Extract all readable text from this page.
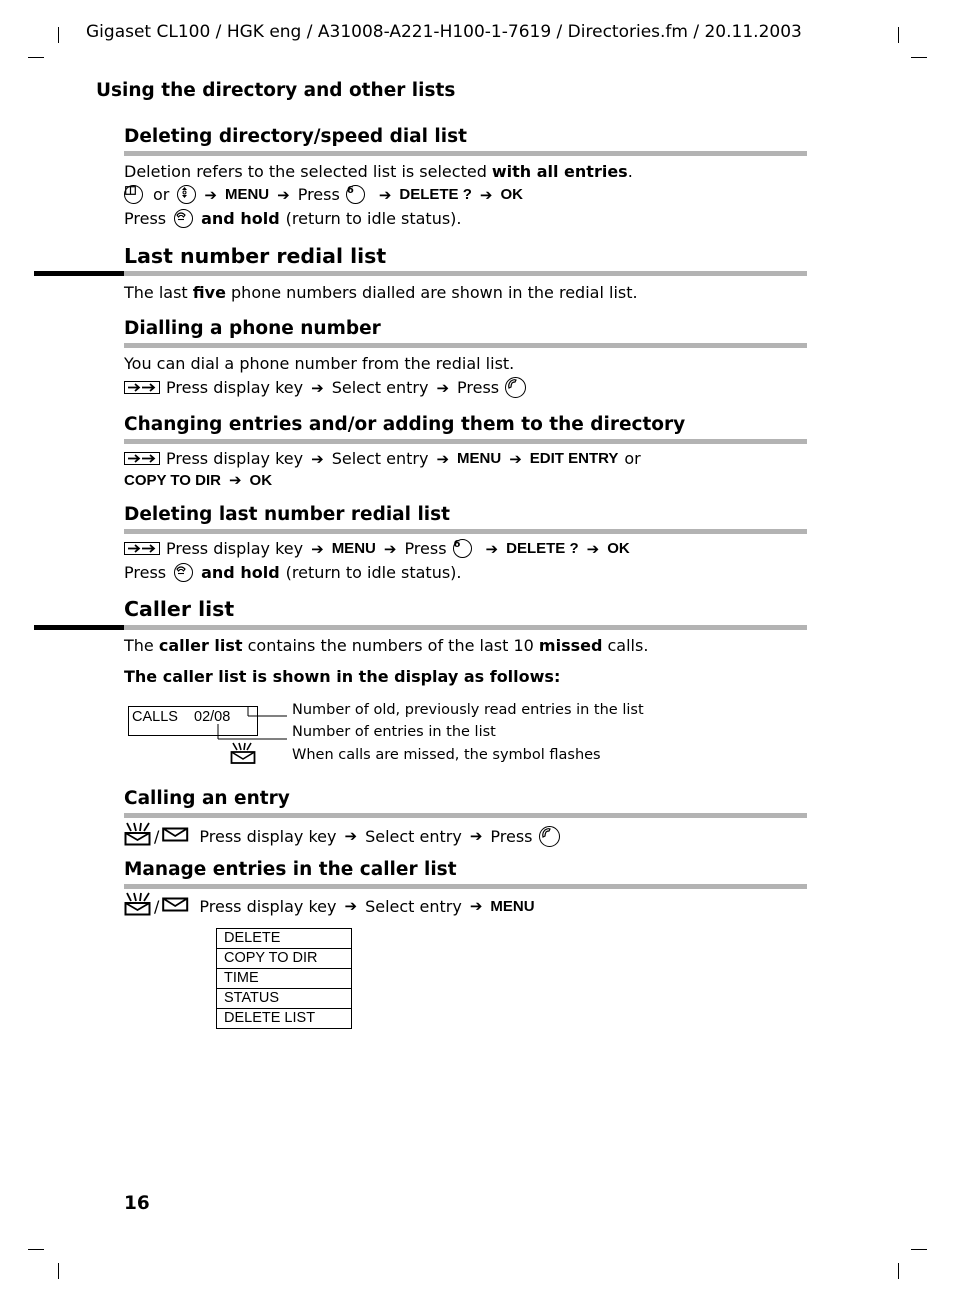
Gigaset CL100 / HGK eng / A31008-A221-H100-1-7619 / Directories.fm / 20.11.2003
Using the directory and other lists
Deleting directory/speed dial list
Deletion refers to the selected list is selected with all entries .
or ➔ MENU ➔ Press 6	➔ DELETE ? ➔ OK
Press and hold (return to idle status).
Last number redial list
The last five phone numbers dialled are shown in the redial list.
Dialling a phone number
You can dial a phone number from the redial list.
Press display key ➔ Select entry ➔ Press
Changing entries and/or adding them to the directory
Press display key ➔ Select entry ➔ MENU ➔ EDIT ENTRY or
COPY TO DIR ➔ OK
Deleting last number redial list
Press display key ➔ MENU ➔ Press 6	➔ DELETE ? ➔ OK
Press and hold (return to idle status).
Caller list
The caller list contains the numbers of the last 10 missed calls.
The caller list is shown in the display as follows:
CALLS 02/08	Number of old, previously read entries in the list
Number of entries in the list
When calls are missed, the symbol flashes
Calling an entry
/	Press display key ➔ Select entry ➔ Press
Manage entries in the caller list
/	Press display key ➔ Select entry ➔ MENU
DELETE
COPY TO DIR
TIME
STATUS
DELETE LIST
16
